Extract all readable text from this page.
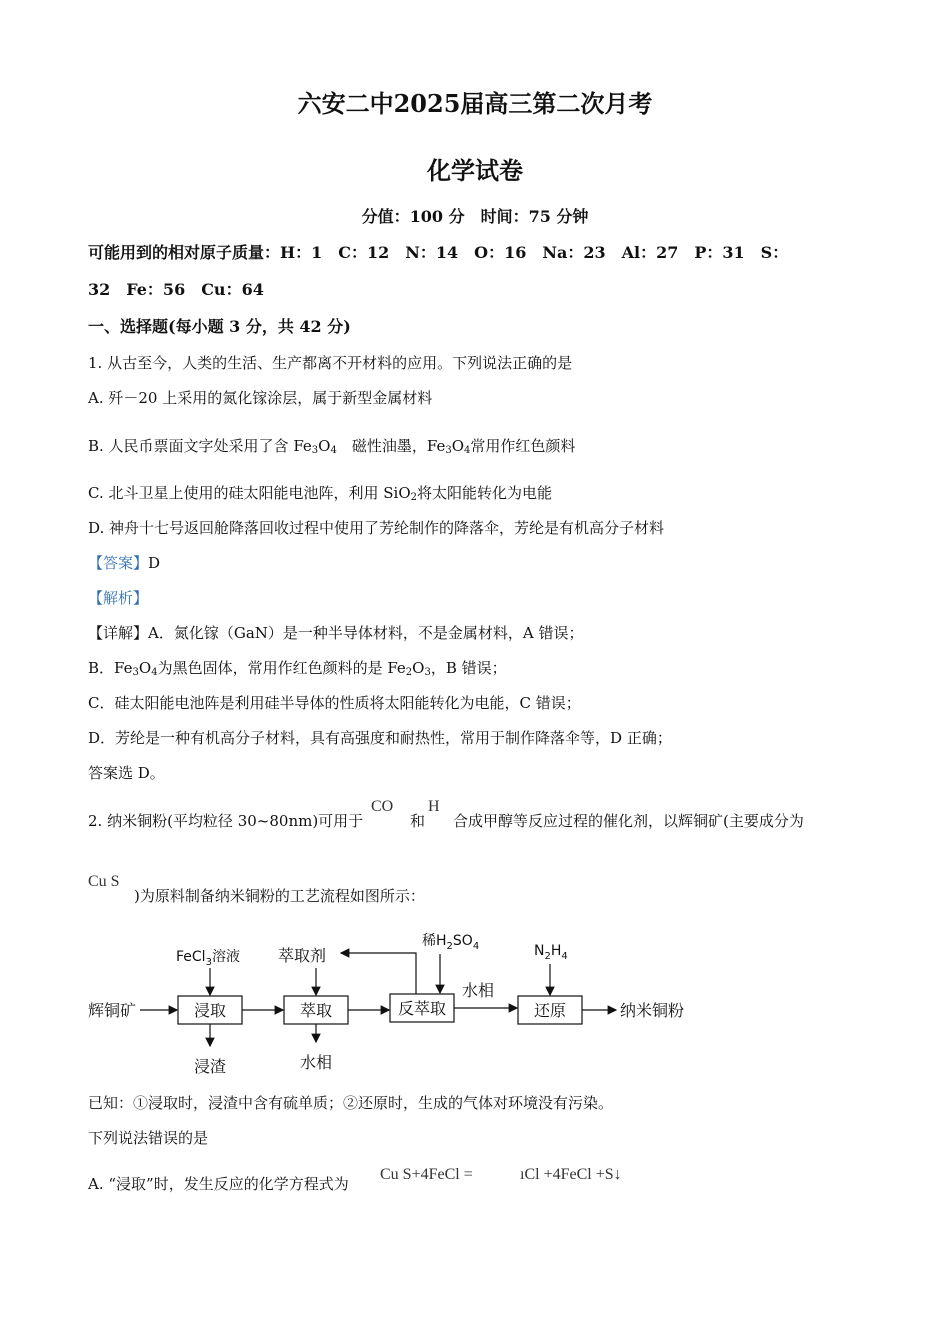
六安二中2025届高三第二次月考
化学试卷
分值：100 分　时间：75 分钟
可能用到的相对原子质量：H：1　C：12　N：14　O：16　Na：23　Al：27　P：31　S：
32　Fe：56　Cu：64
一、选择题(每小题 3 分，共 42 分)
1. 从古至今，人类的生活、生产都离不开材料的应用。下列说法正确的是
A. 歼－20 上采用的氮化镓涂层，属于新型金属材料
B. 人民币票面文字处采用了含 $Fe_3O_4$　磁性油墨，$Fe_3O_4$常用作红色颜料
C. 北斗卫星上使用的硅太阳能电池阵，利用 SiO$_2$将太阳能转化为电能
D. 神舟十七号返回舱降落回收过程中使用了芳纶制作的降落伞，芳纶是有机高分子材料
【答案】D
【解析】
【详解】A．氮化镓（GaN）是一种半导体材料，不是金属材料，A 错误；
B．$Fe_3O_4$为黑色固体，常用作红色颜料的是 $Fe_2O_3$，B 错误；
C．硅太阳能电池阵是利用硅半导体的性质将太阳能转化为电能，C 错误；
D．芳纶是一种有机高分子材料，具有高强度和耐热性，常用于制作降落伞等，D 正确；
答案选 D。
2. 纳米铜粉(平均粒径 30~80nm)可用于
CO
和
H
合成甲醇等反应过程的催化剂，以辉铜矿(主要成分为
Cu S
)为原料制备纳米铜粉的工艺流程如图所示：
浸取	萃取	反萃取	还原
辉铜矿	纳米铜粉
FeCl$_3$溶液 萃取剂
稀$H_2SO_4$	$N_2H_4$
水相
浸渣	水相
已知：①浸取时，浸渣中含有硫单质；②还原时，生成的气体对环境没有污染。
下列说法错误的是
A. “浸取”时，发生反应的化学方程式为
Cu S+4FeCl =	ıCl +4FeCl +S↓
